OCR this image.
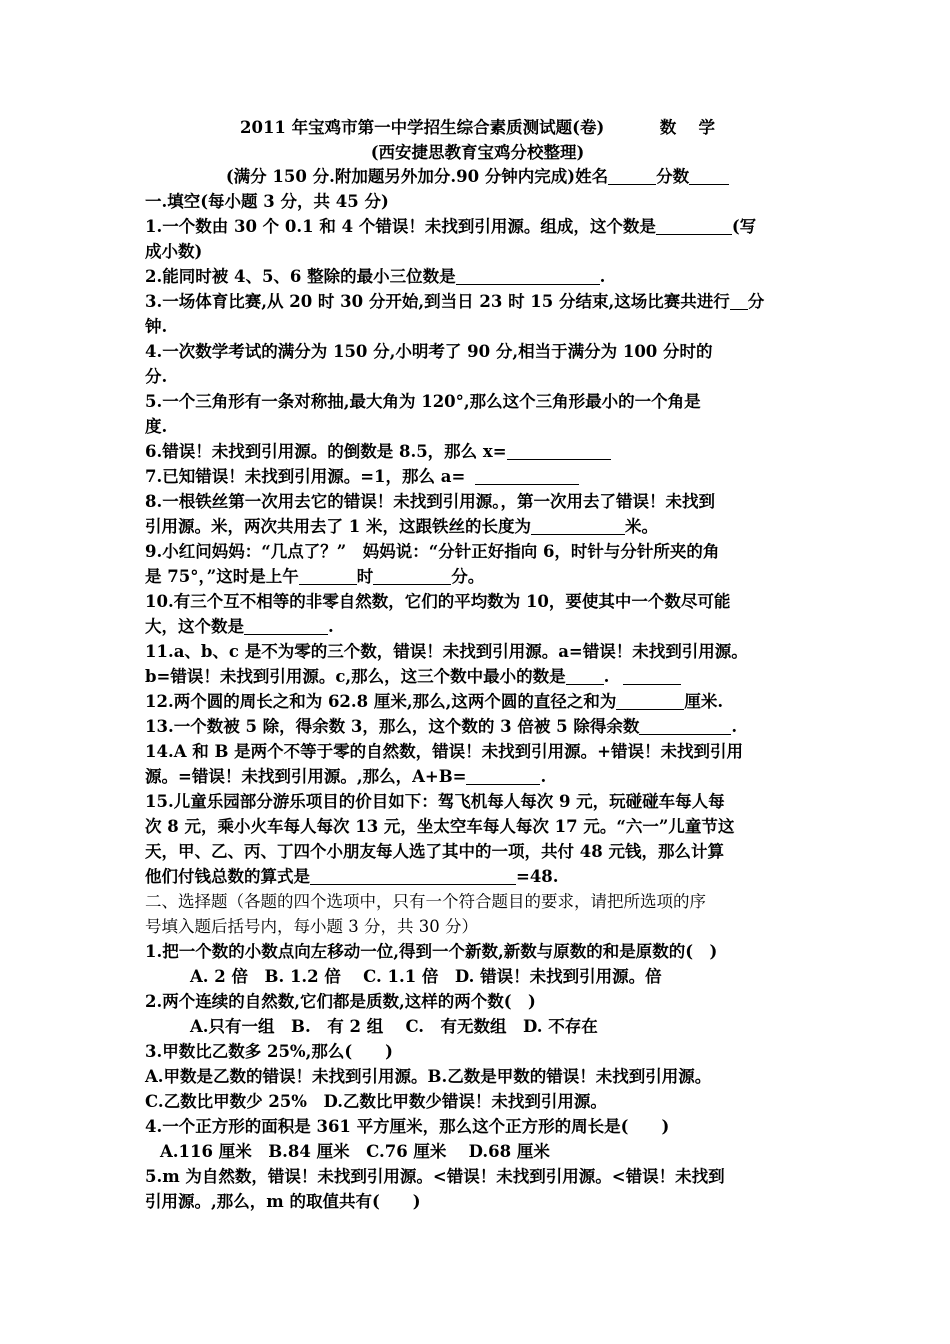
2011 年宝鸡市第一中学招生综合素质测试题(卷)	数　 学
(西安捷思教育宝鸡分校整理)
(满分 150 分.附加题另外加分.90 分钟内完成)姓名	分数
一.填空(每小题 3 分，共 45 分)
1.一个数由 30 个 0.1 和 4 个错误！未找到引用源。组成，这个数是	(写
成小数)
2.能同时被 4、5、6 整除的最小三位数是	.
3.一场体育比赛,从 20 时 30 分开始,到当日 23 时 15 分结束,这场比赛共进行 分
钟.
4.一次数学考试的满分为 150 分,小明考了 90 分,相当于满分为 100 分时的
分.
5.一个三角形有一条对称抽,最大角为 120°,那么这个三角形最小的一个角是
度.
6.错误！未找到引用源。的倒数是 8.5，那么 x=
7.已知错误！未找到引用源。=1，那么 a=
8.一根铁丝第一次用去它的错误！未找到引用源。，第一次用去了错误！未找到
引用源。米，两次共用去了 1 米，这跟铁丝的长度为	米。
9.小红问妈妈：“几点了？”　妈妈说：“分针正好指向 6，时针与分针所夹的角
是 75°，”这时是上午	时	分。
10.有三个互不相等的非零自然数，它们的平均数为 10，要使其中一个数尽可能
大，这个数是	.
11.a、b、c 是不为零的三个数，错误！未找到引用源。a=错误！未找到引用源。
b=错误！未找到引用源。c,那么，这三个数中最小的数是 .
12.两个圆的周长之和为 62.8 厘米,那么,这两个圆的直径之和为	厘米.
13.一个数被 5 除，得余数 3，那么，这个数的 3 倍被 5 除得余数	.
14.A 和 B 是两个不等于零的自然数，错误！未找到引用源。+错误！未找到引用
源。=错误！未找到引用源。,那么，A+B=	.
15.儿童乐园部分游乐项目的价目如下：驾飞机每人每次 9 元，玩碰碰车每人每
次 8 元，乘小火车每人每次 13 元，坐太空车每人每次 17 元。“六一”儿童节这
天，甲、乙、丙、丁四个小朋友每人选了其中的一项，共付 48 元钱，那么计算
他们付钱总数的算式是	=48.
二、选择题（各题的四个选项中，只有一个符合题目的要求，请把所选项的序
号填入题后括号内，每小题 3 分，共 30 分）
1.把一个数的小数点向左移动一位,得到一个新数,新数与原数的和是原数的(　)
A. 2 倍　B. 1.2 倍　 C. 1.1 倍　D. 错误！未找到引用源。倍
2.两个连续的自然数,它们都是质数,这样的两个数(　)
A.只有一组　B.　有 2 组　 C.　有无数组　D. 不存在
3.甲数比乙数多 25%,那么(　　)
A.甲数是乙数的错误！未找到引用源。B.乙数是甲数的错误！未找到引用源。
C.乙数比甲数少 25%　D.乙数比甲数少错误！未找到引用源。
4.一个正方形的面积是 361 平方厘米，那么这个正方形的周长是(　　)
A.116 厘米　B.84 厘米　C.76 厘米　 D.68 厘米
5.m 为自然数，错误！未找到引用源。<错误！未找到引用源。<错误！未找到
引用源。,那么，m 的取值共有(　　)
